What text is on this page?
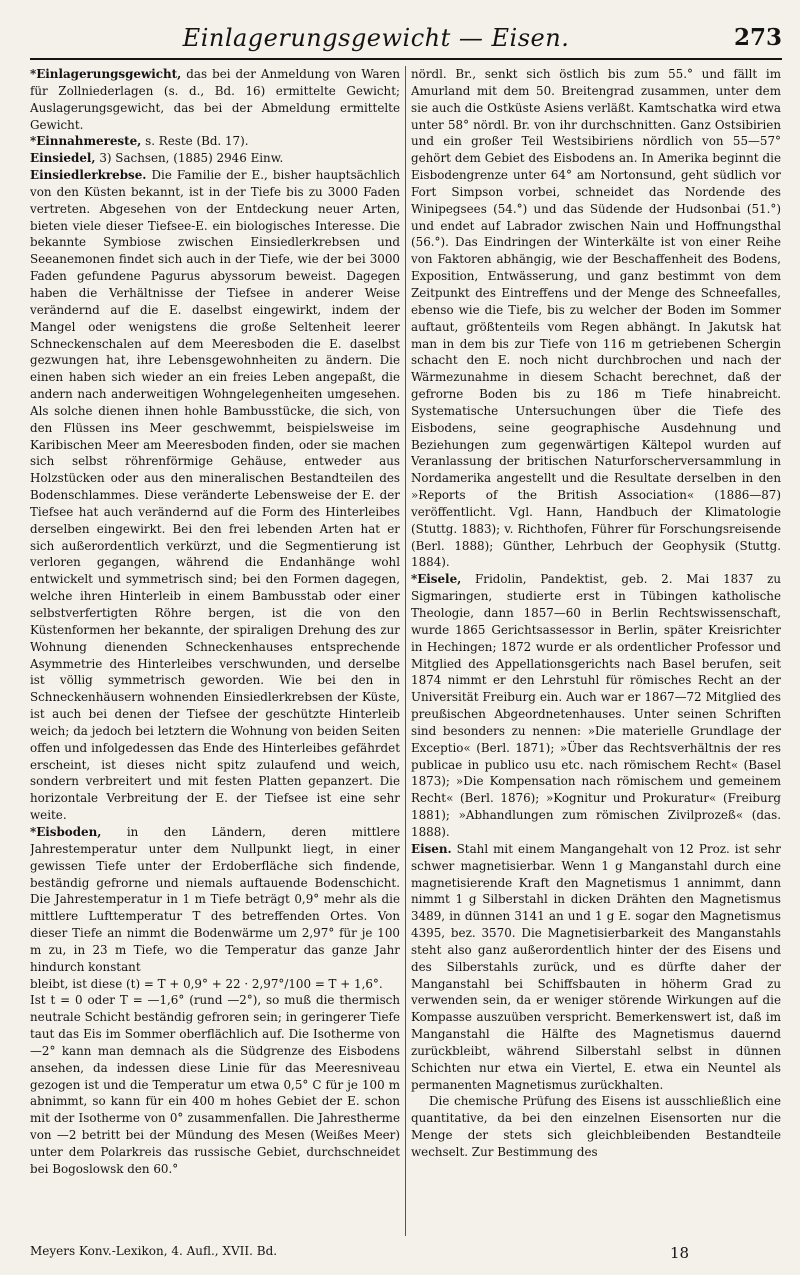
Einlagerungsgewicht — Eisen.	273

*Einlagerungsgewicht, das bei der Anmeldung von Waren für Zollniederlagen (s. d., Bd. 16) ermittelte Gewicht; Auslagerungsgewicht, das bei der Abmeldung ermittelte Gewicht.

*Einnahmereste, s. Reste (Bd. 17).

Einsiedel, 3) Sachsen, (1885) 2946 Einw.

Einsiedlerkrebse. Die Familie der E., bisher hauptsächlich von den Küsten bekannt, ist in der Tiefe bis zu 3000 Faden vertreten. Abgesehen von der Entdeckung neuer Arten, bieten viele dieser Tiefsee-E. ein biologisches Interesse. Die bekannte Symbiose zwischen Einsiedlerkrebsen und Seeanemonen findet sich auch in der Tiefe, wie der bei 3000 Faden gefundene Pagurus abyssorum beweist. Dagegen haben die Verhältnisse der Tiefsee in anderer Weise verändernd auf die E. daselbst eingewirkt, indem der Mangel oder wenigstens die große Seltenheit leerer Schneckenschalen auf dem Meeresboden die E. daselbst gezwungen hat, ihre Lebensgewohnheiten zu ändern. Die einen haben sich wieder an ein freies Leben angepaßt, die andern nach anderweitigen Wohngelegenheiten umgesehen. Als solche dienen ihnen hohle Bambusstücke, die sich, von den Flüssen ins Meer geschwemmt, beispielsweise im Karibischen Meer am Meeresboden finden, oder sie machen sich selbst röhrenförmige Gehäuse, entweder aus Holzstücken oder aus den mineralischen Bestandteilen des Bodenschlammes. Diese veränderte Lebensweise der E. der Tiefsee hat auch verändernd auf die Form des Hinterleibes derselben eingewirkt. Bei den frei lebenden Arten hat er sich außerordentlich verkürzt, und die Segmentierung ist verloren gegangen, während die Endanhänge wohl entwickelt und symmetrisch sind; bei den Formen dagegen, welche ihren Hinterleib in einem Bambusstab oder einer selbstverfertigten Röhre bergen, ist die von den Küstenformen her bekannte, der spiraligen Drehung des zur Wohnung dienenden Schneckenhauses entsprechende Asymmetrie des Hinterleibes verschwunden, und derselbe ist völlig symmetrisch geworden. Wie bei den in Schneckenhäusern wohnenden Einsiedlerkrebsen der Küste, ist auch bei denen der Tiefsee der geschützte Hinterleib weich; da jedoch bei letztern die Wohnung von beiden Seiten offen und infolgedessen das Ende des Hinterleibes gefährdet erscheint, ist dieses nicht spitz zulaufend und weich, sondern verbreitert und mit festen Platten gepanzert. Die horizontale Verbreitung der E. der Tiefsee ist eine sehr weite.

*Eisboden, in den Ländern, deren mittlere Jahrestemperatur unter dem Nullpunkt liegt, in einer gewissen Tiefe unter der Erdoberfläche sich findende, beständig gefrorne und niemals auftauende Bodenschicht. Die Jahrestemperatur in 1 m Tiefe beträgt 0,9° mehr als die mittlere Lufttemperatur T des betreffenden Ortes. Von dieser Tiefe an nimmt die Bodenwärme um 2,97° für je 100 m zu, in 23 m Tiefe, wo die Temperatur das ganze Jahr hindurch konstant

bleibt, ist diese (t) = T + 0,9° + 22 · 2,97°/100 = T + 1,6°.

Ist t = 0 oder T = —1,6° (rund —2°), so muß die thermisch neutrale Schicht beständig gefroren sein; in geringerer Tiefe taut das Eis im Sommer oberflächlich auf. Die Isotherme von —2° kann man demnach als die Südgrenze des Eisbodens ansehen, da indessen diese Linie für das Meeresniveau gezogen ist und die Temperatur um etwa 0,5° C für je 100 m abnimmt, so kann für ein 400 m hohes Gebiet der E. schon mit der Isotherme von 0° zusammenfallen. Die Jahrestherme von —2 betritt bei der Mündung des Mesen (Weißes Meer) unter dem Polarkreis das russische Gebiet, durchschneidet bei Bogoslowsk den 60.°

nördl. Br., senkt sich östlich bis zum 55.° und fällt im Amurland mit dem 50. Breitengrad zusammen, unter dem sie auch die Ostküste Asiens verläßt. Kamtschatka wird etwa unter 58° nördl. Br. von ihr durchschnitten. Ganz Ostsibirien und ein großer Teil Westsibiriens nördlich von 55—57° gehört dem Gebiet des Eisbodens an. In Amerika beginnt die Eisbodengrenze unter 64° am Nortonsund, geht südlich vor Fort Simpson vorbei, schneidet das Nordende des Winipegsees (54.°) und das Südende der Hudsonbai (51.°) und endet auf Labrador zwischen Nain und Hoffnungsthal (56.°). Das Eindringen der Winterkälte ist von einer Reihe von Faktoren abhängig, wie der Beschaffenheit des Bodens, Exposition, Entwässerung, und ganz bestimmt von dem Zeitpunkt des Eintreffens und der Menge des Schneefalles, ebenso wie die Tiefe, bis zu welcher der Boden im Sommer auftaut, größtenteils vom Regen abhängt. In Jakutsk hat man in dem bis zur Tiefe von 116 m getriebenen Schergin schacht den E. noch nicht durchbrochen und nach der Wärmezunahme in diesem Schacht berechnet, daß der gefrorne Boden bis zu 186 m Tiefe hinabreicht. Systematische Untersuchungen über die Tiefe des Eisbodens, seine geographische Ausdehnung und Beziehungen zum gegenwärtigen Kältepol wurden auf Veranlassung der britischen Naturforscherversammlung in Nordamerika angestellt und die Resultate derselben in den »Reports of the British Association« (1886—87) veröffentlicht. Vgl. Hann, Handbuch der Klimatologie (Stuttg. 1883); v. Richthofen, Führer für Forschungsreisende (Berl. 1888); Günther, Lehrbuch der Geophysik (Stuttg. 1884).

*Eisele, Fridolin, Pandektist, geb. 2. Mai 1837 zu Sigmaringen, studierte erst in Tübingen katholische Theologie, dann 1857—60 in Berlin Rechtswissenschaft, wurde 1865 Gerichtsassessor in Berlin, später Kreisrichter in Hechingen; 1872 wurde er als ordentlicher Professor und Mitglied des Appellationsgerichts nach Basel berufen, seit 1874 nimmt er den Lehrstuhl für römisches Recht an der Universität Freiburg ein. Auch war er 1867—72 Mitglied des preußischen Abgeordnetenhauses. Unter seinen Schriften sind besonders zu nennen: »Die materielle Grundlage der Exceptio« (Berl. 1871); »Über das Rechtsverhältnis der res publicae in publico usu etc. nach römischem Recht« (Basel 1873); »Die Kompensation nach römischem und gemeinem Recht« (Berl. 1876); »Kognitur und Prokuratur« (Freiburg 1881); »Abhandlungen zum römischen Zivilprozeß« (das. 1888).

Eisen. Stahl mit einem Mangangehalt von 12 Proz. ist sehr schwer magnetisierbar. Wenn 1 g Manganstahl durch eine magnetisierende Kraft den Magnetismus 1 annimmt, dann nimmt 1 g Silberstahl in dicken Drähten den Magnetismus 3489, in dünnen 3141 an und 1 g E. sogar den Magnetismus 4395, bez. 3570. Die Magnetisierbarkeit des Manganstahls steht also ganz außerordentlich hinter der des Eisens und des Silberstahls zurück, und es dürfte daher der Manganstahl bei Schiffsbauten in höherm Grad zu verwenden sein, da er weniger störende Wirkungen auf die Kompasse auszuüben verspricht. Bemerkenswert ist, daß im Manganstahl die Hälfte des Magnetismus dauernd zurückbleibt, während Silberstahl selbst in dünnen Schichten nur etwa ein Viertel, E. etwa ein Neuntel als permanenten Magnetismus zurückhalten.

Die chemische Prüfung des Eisens ist ausschließlich eine quantitative, da bei den einzelnen Eisensorten nur die Menge der stets sich gleichbleibenden Bestandteile wechselt. Zur Bestimmung des

Meyers Konv.-Lexikon, 4. Aufl., XVII. Bd.	18
